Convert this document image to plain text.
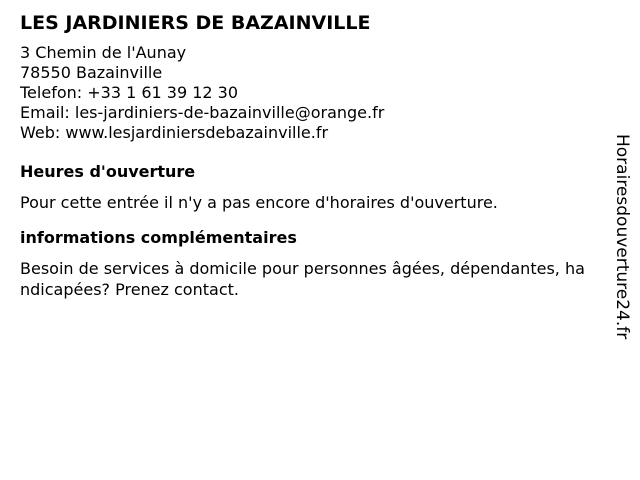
LES JARDINIERS DE BAZAINVILLE

3 Chemin de l'Aunay

78550 Bazainville

Telefon: +33 1 61 39 12 30

Email: les-jardiniers-de-bazainville@orange.fr

Web: www.lesjardiniersdebazainville.fr

Heures d'ouverture

Pour cette entrée il n'y a pas encore d'horaires d'ouverture.

informations complémentaires

Besoin de services à domicile pour personnes âgées, dépendantes, handicapées? Prenez contact.	Horairesdouverture24.fr
